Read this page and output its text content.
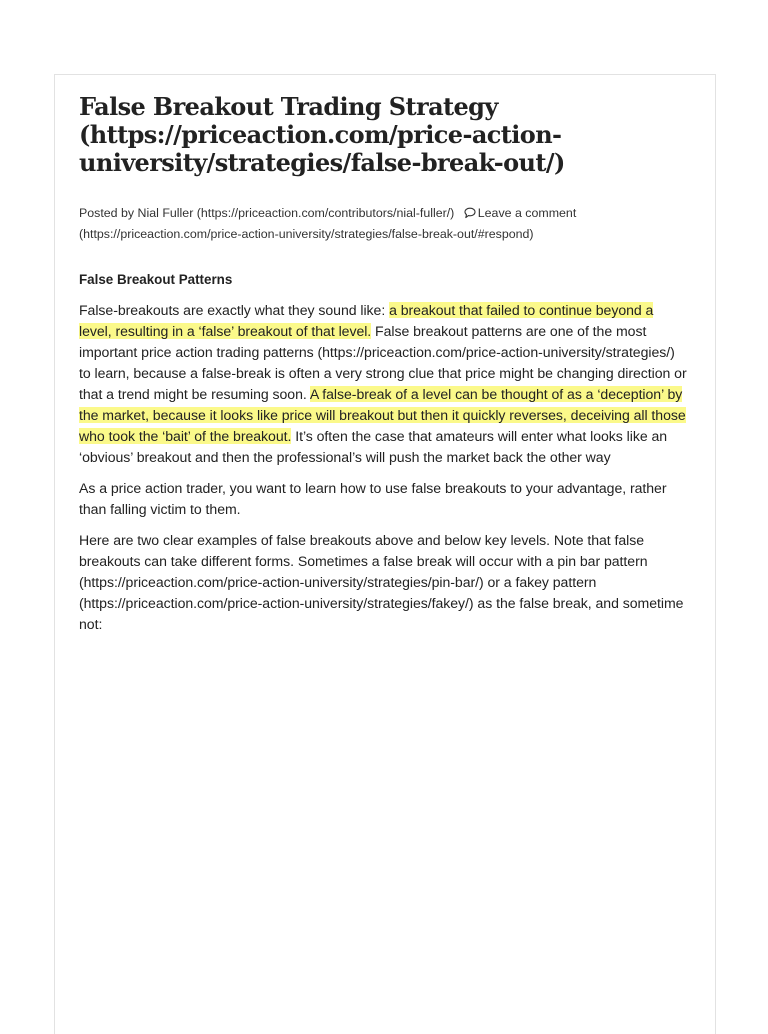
False Breakout Trading Strategy (https://priceaction.com/price-action-university/strategies/false-break-out/)
Posted by Nial Fuller (https://priceaction.com/contributors/nial-fuller/) Leave a comment
(https://priceaction.com/price-action-university/strategies/false-break-out/#respond)
False Breakout Patterns

False-breakouts are exactly what they sound like: a breakout that failed to continue beyond a level, resulting in a ‘false’ breakout of that level. False breakout patterns are one of the most important price action trading patterns (https://priceaction.com/price-action-university/strategies/) to learn, because a false-break is often a very strong clue that price might be changing direction or that a trend might be resuming soon. A false-break of a level can be thought of as a ‘deception’ by the market, because it looks like price will breakout but then it quickly reverses, deceiving all those who took the ‘bait’ of the breakout. It’s often the case that amateurs will enter what looks like an ‘obvious’ breakout and then the professional’s will push the market back the other way

As a price action trader, you want to learn how to use false breakouts to your advantage, rather than falling victim to them.

Here are two clear examples of false breakouts above and below key levels. Note that false breakouts can take different forms. Sometimes a false break will occur with a pin bar pattern (https://priceaction.com/price-action-university/strategies/pin-bar/) or a fakey pattern (https://priceaction.com/price-action-university/strategies/fakey/) as the false break, and sometime not:
